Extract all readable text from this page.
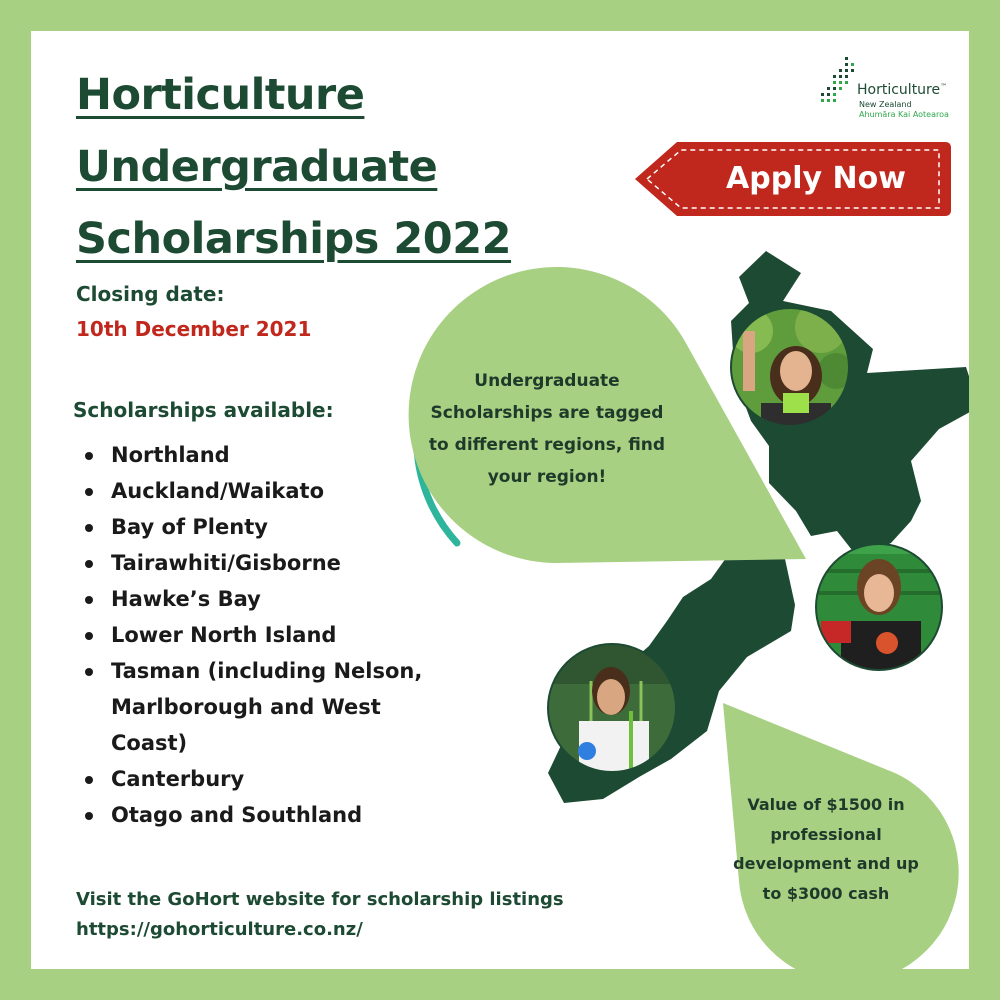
Horticulture
Undergraduate
Scholarships 2022
Horticulture™
New Zealand
Ahumāra Kai Aotearoa
Apply Now
Closing date:
10th December 2021
Scholarships available:
Northland
Auckland/Waikato
Bay of Plenty
Tairawhiti/Gisborne
Hawke’s Bay
Lower North Island
Tasman (including Nelson, Marlborough and West Coast)
Canterbury
Otago and Southland
Undergraduate Scholarships are tagged to different regions, find your region!
Value of $1500 in professional development and up to $3000 cash
Visit the GoHort website for scholarship listings
https://gohorticulture.co.nz/
